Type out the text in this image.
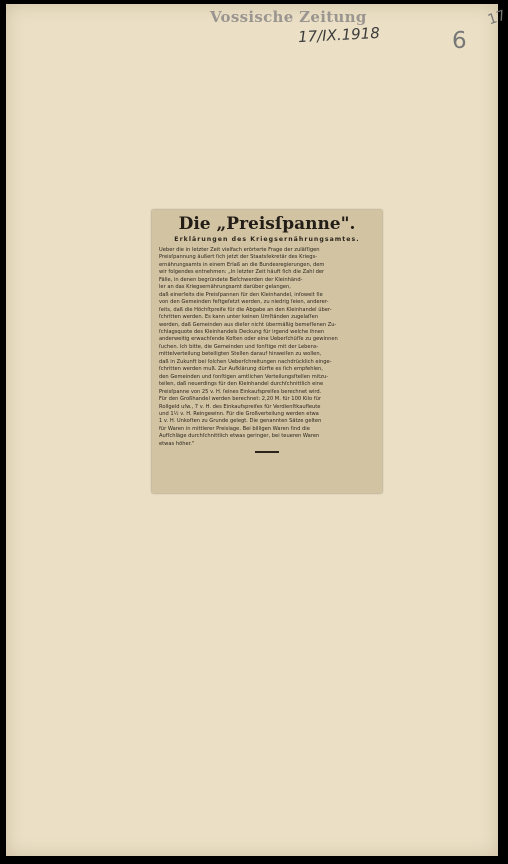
Vossische Zeitung
17/IX.1918	6
17
Die „Preisſpanne".
Erklärungen des Kriegsernährungsamtes.
Ueber die in letzter Zeit vielfach erörterte Frage der zuläſſigen
Preisſpannung äußert ſich jetzt der Staatsſekretär des Kriegs-
ernährungsamts in einem Erlaß an die Bundesregierungen, dem
wir folgendes entnehmen: „In letzter Zeit häuft ſich die Zahl der
Fälle, in denen begründete Beſchwerden der Kleinhänd-
ler an das Kriegsernährungsamt darüber gelangen,
daß einerſeits die Preisſpannen für den Kleinhandel, inſoweit ſie
von den Gemeinden feſtgeſetzt werden, zu niedrig ſeien, anderer-
ſeits, daß die Höchſtpreiſe für die Abgabe an den Kleinhandel über-
ſchritten werden. Es kann unter keinen Umſtänden zugelaſſen
werden, daß Gemeinden aus dieſer nicht übermäßig bemeſſenen Zu-
ſchlagsquote des Kleinhandels Deckung für irgend welche ihnen
anderweitig erwachſende Koſten oder eine Ueberſchüſſe zu gewinnen
ſuchen. Ich bitte, die Gemeinden und ſonſtige mit der Lebens-
mittelverteilung beteiligten Stellen darauf hinweiſen zu wollen,
daß in Zukunft bei ſolchen Ueberſchreitungen nachdrücklich einge-
ſchritten werden muß. Zur Aufklärung dürfte es ſich empfehlen,
den Gemeinden und ſonſtigen amtlichen Verteilungsſtellen mitzu-
teilen, daß neuerdings für den Kleinhandel durchſchnittlich eine
Preisſpanne von 25 v. H. ſeines Einkaufspreiſes berechnet wird.
Für den Großhandel werden berechnet: 2,20 M. für 100 Kilo für
Rollgeld uſw., 7 v. H. des Einkaufspreiſes für Verdienſtkaufleute
und 1½ v. H. Reingewinn. Für die Großverteilung werden etwa
1 v. H. Unkoſten zu Grunde gelegt. Die genannten Sätze gelten
für Waren in mittlerer Preislage. Bei billigen Waren ſind die
Aufſchläge durchſchnittlich etwas geringer, bei teueren Waren
etwas höher."
